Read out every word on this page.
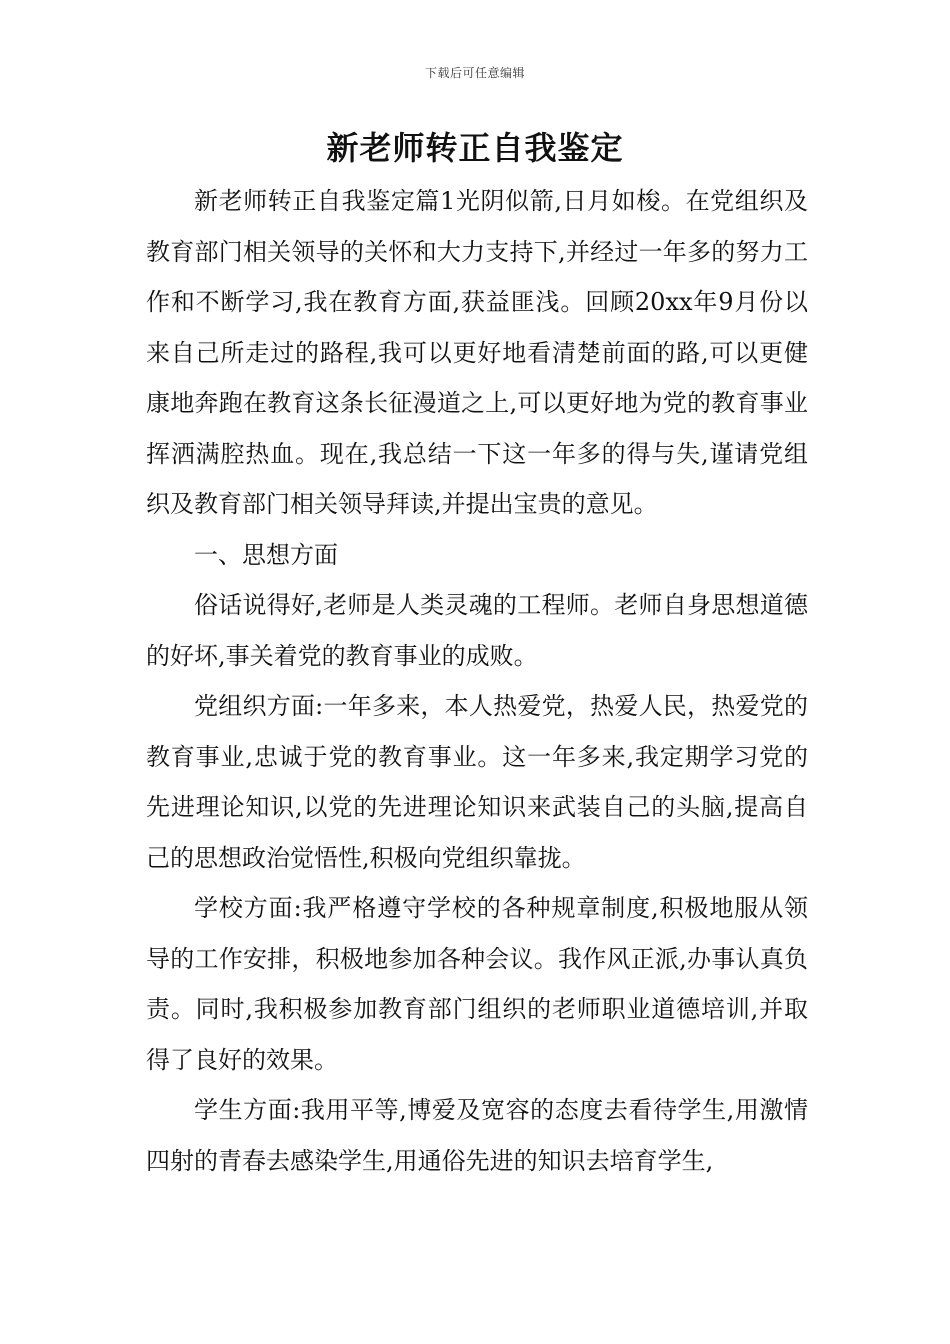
下载后可任意编辑
新老师转正自我鉴定

新老师转正自我鉴定篇1光阴似箭,日月如梭。在党组织及教育部门相关领导的关怀和大力支持下,并经过一年多的努力工作和不断学习,我在教育方面,获益匪浅。回顾20xx年9月份以来自己所走过的路程,我可以更好地看清楚前面的路,可以更健康地奔跑在教育这条长征漫道之上,可以更好地为党的教育事业挥洒满腔热血。现在,我总结一下这一年多的得与失,谨请党组织及教育部门相关领导拜读,并提出宝贵的意见。

一、思想方面

俗话说得好,老师是人类灵魂的工程师。老师自身思想道德的好坏,事关着党的教育事业的成败。

党组织方面:一年多来，本人热爱党，热爱人民，热爱党的教育事业,忠诚于党的教育事业。这一年多来,我定期学习党的先进理论知识,以党的先进理论知识来武装自己的头脑,提高自己的思想政治觉悟性,积极向党组织靠拢。

学校方面:我严格遵守学校的各种规章制度,积极地服从领导的工作安排，积极地参加各种会议。我作风正派,办事认真负责。同时,我积极参加教育部门组织的老师职业道德培训,并取得了良好的效果。

学生方面:我用平等,博爱及宽容的态度去看待学生,用激情四射的青春去感染学生,用通俗先进的知识去培育学生,
